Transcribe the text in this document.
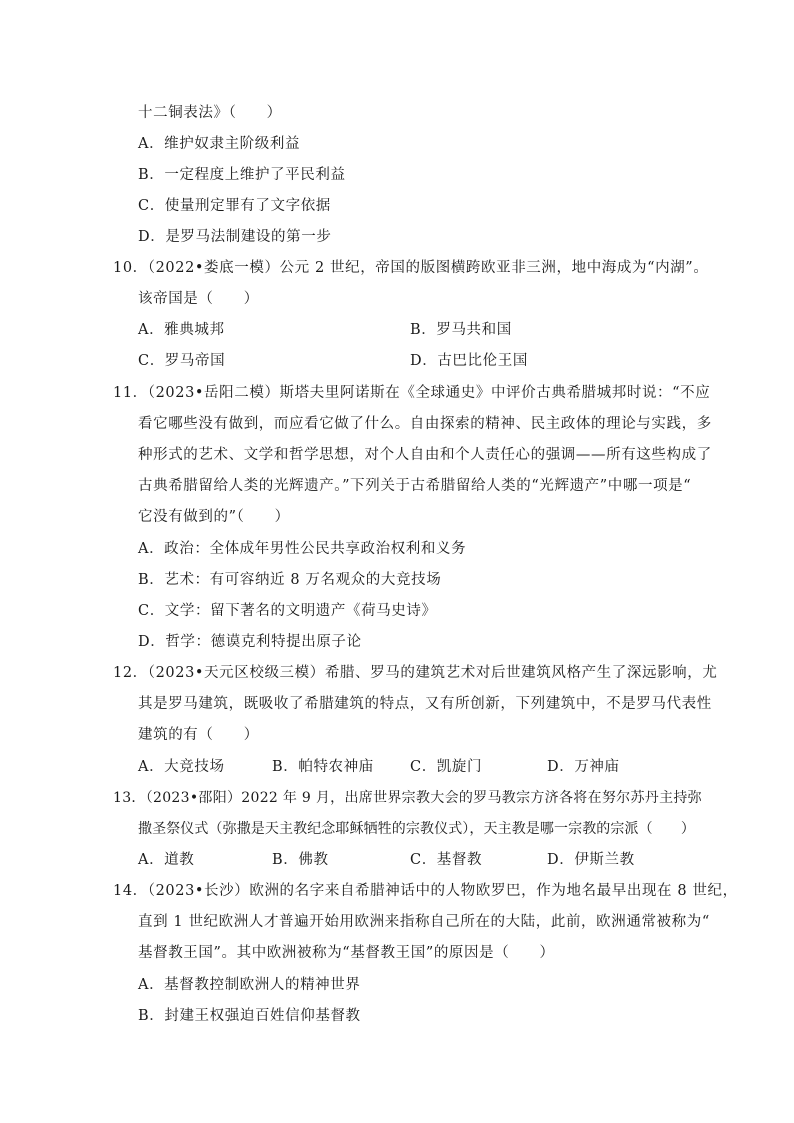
十二铜表法》（　　）
A．维护奴隶主阶级利益
B．一定程度上维护了平民利益
C．使量刑定罪有了文字依据
D．是罗马法制建设的第一步
10．（2022•娄底一模）公元 2 世纪，帝国的版图横跨欧亚非三洲，地中海成为“内湖”。
该帝国是（　　）
A．雅典城邦	B．罗马共和国
C．罗马帝国	D．古巴比伦王国
11．（2023•岳阳二模）斯塔夫里阿诺斯在《全球通史》中评价古典希腊城邦时说：“不应
看它哪些没有做到，而应看它做了什么。自由探索的精神、民主政体的理论与实践，多
种形式的艺术、文学和哲学思想，对个人自由和个人责任心的强调——所有这些构成了
古典希腊留给人类的光辉遗产。”下列关于古希腊留给人类的“光辉遗产”中哪一项是“
它没有做到的”（　　）
A．政治：全体成年男性公民共享政治权利和义务
B．艺术：有可容纳近 8 万名观众的大竞技场
C．文学：留下著名的文明遗产《荷马史诗》
D．哲学：德谟克利特提出原子论
12．（2023•天元区校级三模）希腊、罗马的建筑艺术对后世建筑风格产生了深远影响，尤
其是罗马建筑，既吸收了希腊建筑的特点，又有所创新，下列建筑中，不是罗马代表性
建筑的有（　　）
A．大竞技场	B．帕特农神庙 C．凯旋门	D．万神庙
13．（2023•邵阳）2022 年 9 月，出席世界宗教大会的罗马教宗方济各将在努尔苏丹主持弥
撒圣祭仪式（弥撒是天主教纪念耶稣牺牲的宗教仪式），天主教是哪一宗教的宗派（　　）
A．道教	B．佛教	C．基督教	D．伊斯兰教
14．（2023•长沙）欧洲的名字来自希腊神话中的人物欧罗巴，作为地名最早出现在 8 世纪，
直到 1 世纪欧洲人才普遍开始用欧洲来指称自己所在的大陆，此前，欧洲通常被称为“
基督教王国”。其中欧洲被称为“基督教王国”的原因是（　　）
A．基督教控制欧洲人的精神世界
B．封建王权强迫百姓信仰基督教
